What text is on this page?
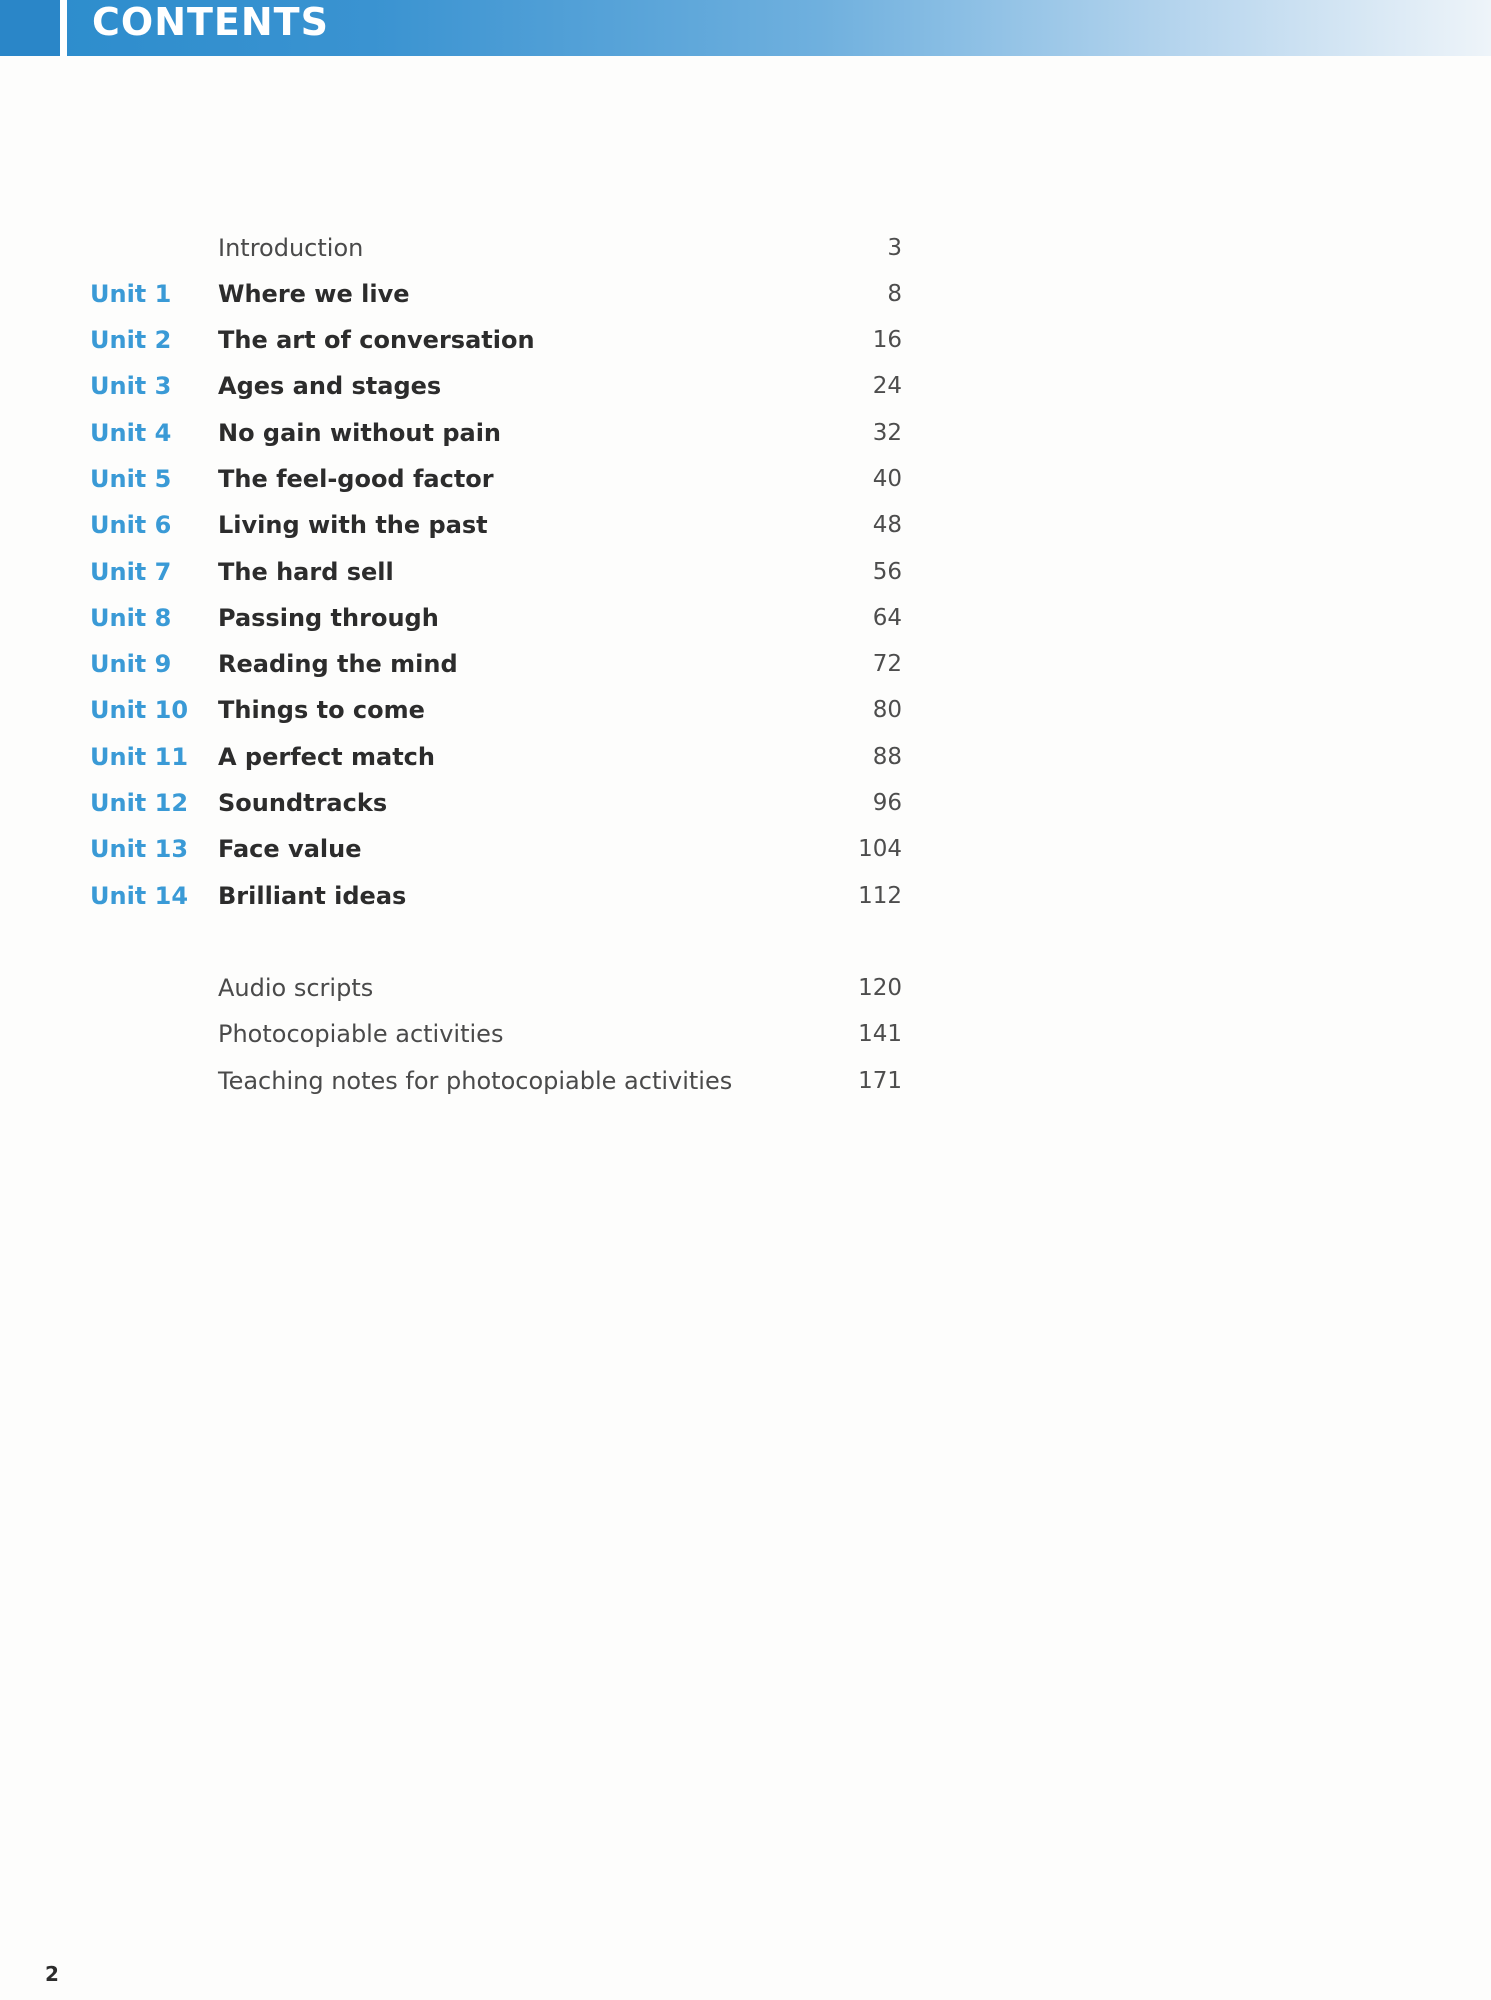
CONTENTS
Introduction	3
Unit 1 Where we live	8
Unit 2 The art of conversation	16
Unit 3 Ages and stages	24
Unit 4 No gain without pain	32
Unit 5 The feel-good factor	40
Unit 6 Living with the past	48
Unit 7 The hard sell	56
Unit 8 Passing through	64
Unit 9 Reading the mind	72
Unit 10 Things to come	80
Unit 11 A perfect match	88
Unit 12 Soundtracks	96
Unit 13 Face value	104
Unit 14 Brilliant ideas	112
Audio scripts	120
Photocopiable activities	141
Teaching notes for photocopiable activities	171
2
